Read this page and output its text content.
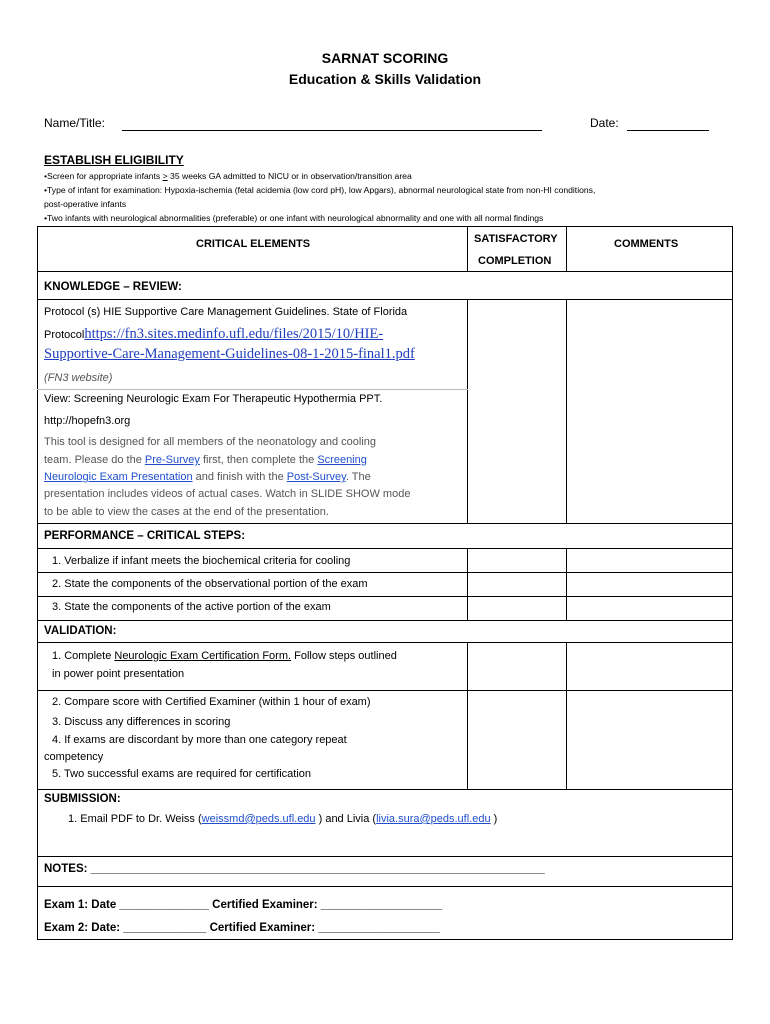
SARNAT SCORING
Education & Skills Validation
Name/Title:	Date:
ESTABLISH ELIGIBILITY
•Screen for appropriate infants > 35 weeks GA admitted to NICU or in observation/transition area
•Type of infant for examination: Hypoxia-ischemia (fetal acidemia (low cord pH), low Apgars), abnormal neurological state from non-HI conditions,
post-operative infants
•Two infants with neurological abnormalities (preferable) or one infant with neurological abnormality and one with all normal findings
CRITICAL ELEMENTS	SATISFACTORY
COMPLETION
COMMENTS
KNOWLEDGE – REVIEW:
Protocol (s) HIE Supportive Care Management Guidelines. State of Florida
Protocolhttps://fn3.sites.medinfo.ufl.edu/files/2015/10/HIE-
Supportive-Care-Management-Guidelines-08-1-2015-final1.pdf
(FN3 website)
View: Screening Neurologic Exam For Therapeutic Hypothermia PPT.
http://hopefn3.org
This tool is designed for all members of the neonatology and cooling
team. Please do the Pre-Survey first, then complete the Screening
Neurologic Exam Presentation and finish with the Post-Survey. The
presentation includes videos of actual cases. Watch in SLIDE SHOW mode
to be able to view the cases at the end of the presentation.
PERFORMANCE – CRITICAL STEPS:
1. Verbalize if infant meets the biochemical criteria for cooling
2. State the components of the observational portion of the exam
3. State the components of the active portion of the exam
VALIDATION:
1. Complete Neurologic Exam Certification Form. Follow steps outlined
in power point presentation
2. Compare score with Certified Examiner (within 1 hour of exam)
3. Discuss any differences in scoring
4. If exams are discordant by more than one category repeat
competency
5. Two successful exams are required for certification
SUBMISSION:
1. Email PDF to Dr. Weiss (weissmd@peds.ufl.edu ) and Livia (livia.sura@peds.ufl.edu )
NOTES: _______________________________________________________________________
Exam 1: Date ______________ Certified Examiner: ___________________
Exam 2: Date: _____________ Certified Examiner: ___________________
